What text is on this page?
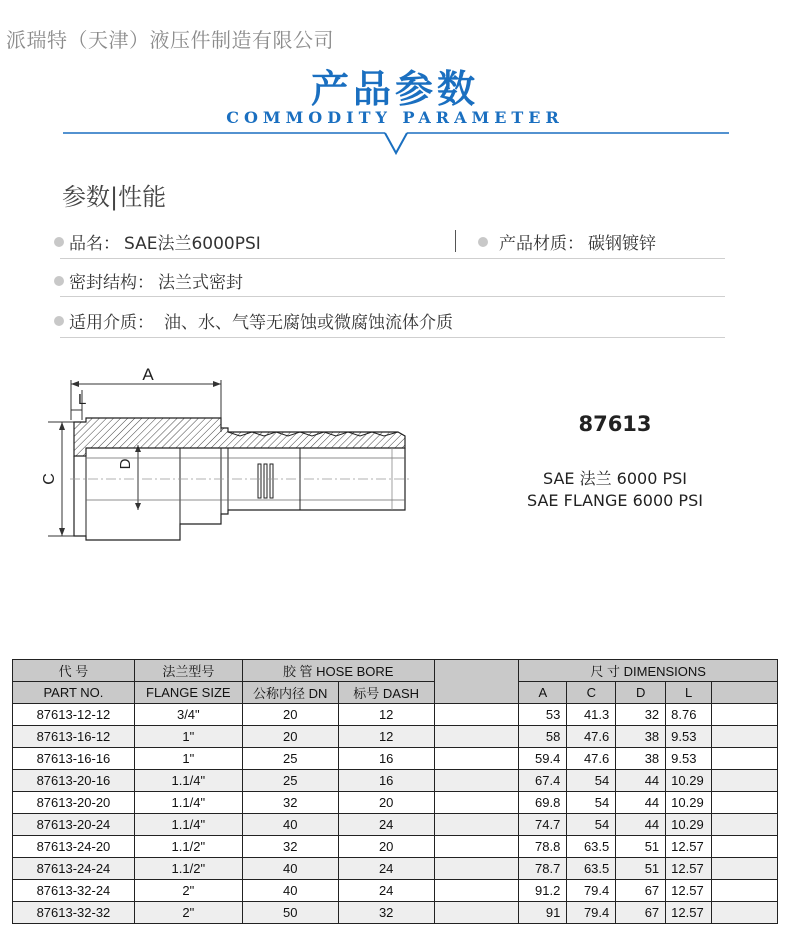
派瑞特（天津）液压件制造有限公司
产品参数
COMMODITY PARAMETER
参数|性能
品名： SAE法兰6000PSI	产品材质： 碳钢镀锌
密封结构： 法兰式密封
适用介质： 油、水、气等无腐蚀或微腐蚀流体介质
A
L
C
D
87613
SAE 法兰 6000 PSI
SAE FLANGE 6000 PSI
代 号	法兰型号	胶 管 HOSE BORE			尺 寸 DIMENSIONS				
PART NO.	FLANGE SIZE	公称内径 DN	标号 DASH		A	C	D	L	
87613-12-12	3/4"	20	12		53	41.3	32	8.76	
87613-16-12	1"	20	12		58	47.6	38	9.53	
87613-16-16	1"	25	16		59.4	47.6	38	9.53	
87613-20-16	1.1/4"	25	16		67.4	54	44	10.29	
87613-20-20	1.1/4"	32	20		69.8	54	44	10.29	
87613-20-24	1.1/4"	40	24		74.7	54	44	10.29	
87613-24-20	1.1/2"	32	20		78.8	63.5	51	12.57	
87613-24-24	1.1/2"	40	24		78.7	63.5	51	12.57	
87613-32-24	2"	40	24		91.2	79.4	67	12.57	
87613-32-32	2"	50	32		91	79.4	67	12.57	
